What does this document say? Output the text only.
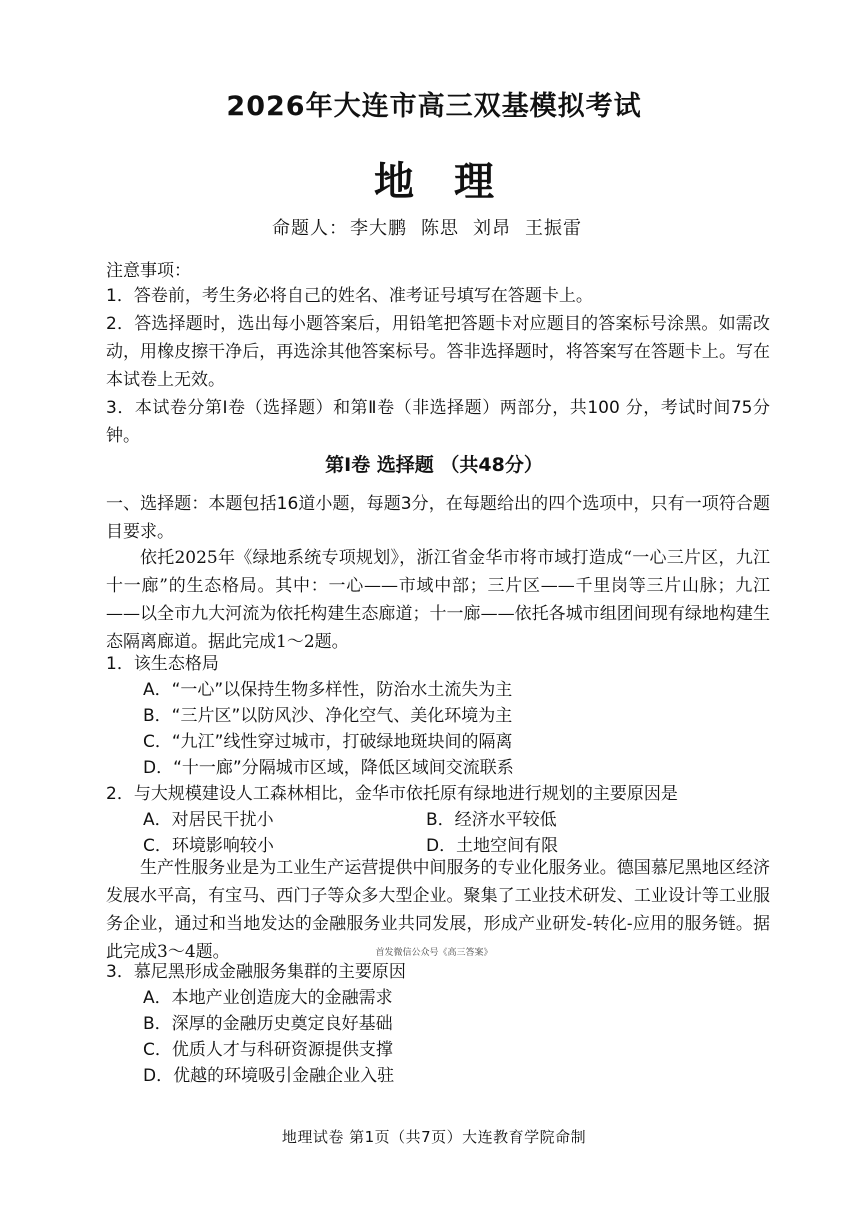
2026年大连市高三双基模拟考试
地理
命题人： 李大鹏 陈思 刘昂 王振雷
注意事项：
1．答卷前，考生务必将自己的姓名、准考证号填写在答题卡上。
2．答选择题时，选出每小题答案后，用铅笔把答题卡对应题目的答案标号涂黑。如需改动，用橡皮擦干净后，再选涂其他答案标号。答非选择题时，将答案写在答题卡上。写在本试卷上无效。
3．本试卷分第Ⅰ卷（选择题）和第Ⅱ卷（非选择题）两部分，共100 分，考试时间75分钟。
第Ⅰ卷 选择题 （共48分）
一、选择题：本题包括16道小题，每题3分，在每题给出的四个选项中，只有一项符合题目要求。
依托2025年《绿地系统专项规划》，浙江省金华市将市域打造成“一心三片区，九江十一廊”的生态格局。其中：一心——市域中部；三片区——千里岗等三片山脉；九江——以全市九大河流为依托构建生态廊道；十一廊——依托各城市组团间现有绿地构建生态隔离廊道。据此完成1～2题。
1．该生态格局
A．“一心”以保持生物多样性，防治水土流失为主
B．“三片区”以防风沙、净化空气、美化环境为主
C．“九江”线性穿过城市，打破绿地斑块间的隔离
D．“十一廊”分隔城市区域，降低区域间交流联系
2．与大规模建设人工森林相比，金华市依托原有绿地进行规划的主要原因是
A．对居民干扰小	B．经济水平较低
C．环境影响较小	D．土地空间有限
生产性服务业是为工业生产运营提供中间服务的专业化服务业。德国慕尼黑地区经济发展水平高，有宝马、西门子等众多大型企业。聚集了工业技术研发、工业设计等工业服务企业，通过和当地发达的金融服务业共同发展，形成产业研发-转化-应用的服务链。据此完成3～4题。	首发微信公众号《高三答案》
3．慕尼黑形成金融服务集群的主要原因
A．本地产业创造庞大的金融需求
B．深厚的金融历史奠定良好基础
C．优质人才与科研资源提供支撑
D．优越的环境吸引金融企业入驻
地理试卷 第1页（共7页）大连教育学院命制
